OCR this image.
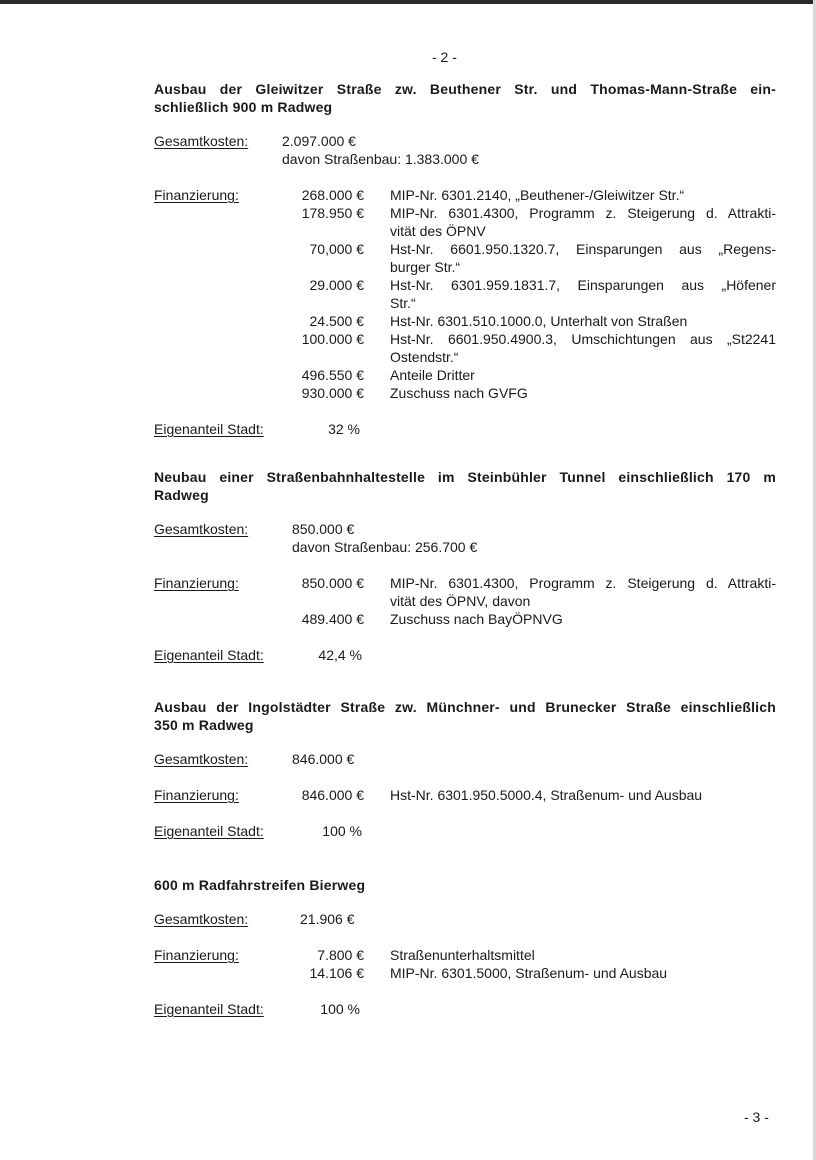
- 2 -

Ausbau der Gleiwitzer Straße zw. Beuthener Str. und Thomas-Mann-Straße ein-
schließlich 900 m Radweg

Gesamtkosten:	2.097.000 €
davon Straßenbau: 1.383.000 €
Finanzierung:	268.000 €	MIP-Nr. 6301.2140, „Beuthener-/Gleiwitzer Str.“
178.950 €	MIP-Nr. 6301.4300, Programm z. Steigerung d. Attrakti-
vität des ÖPNV
70,000 €	Hst-Nr. 6601.950.1320.7, Einsparungen aus „Regens-
burger Str.“
29.000 €	Hst-Nr. 6301.959.1831.7, Einsparungen aus „Höfener
Str.“
24.500 €	Hst-Nr. 6301.510.1000.0, Unterhalt von Straßen
100.000 €	Hst-Nr. 6601.950.4900.3, Umschichtungen aus „St2241
Ostendstr.“
496.550 €	Anteile Dritter
930.000 €	Zuschuss nach GVFG
Eigenanteil Stadt:	32 %

Neubau einer Straßenbahnhaltestelle im Steinbühler Tunnel einschließlich 170 m
Radweg

Gesamtkosten:	850.000 €
davon Straßenbau: 256.700 €
Finanzierung:	850.000 €	MIP-Nr. 6301.4300, Programm z. Steigerung d. Attrakti-
vität des ÖPNV, davon
489.400 €	Zuschuss nach BayÖPNVG
Eigenanteil Stadt:	42,4 %

Ausbau der Ingolstädter Straße zw. Münchner- und Brunecker Straße einschließlich
350 m Radweg

Gesamtkosten:	846.000 €
Finanzierung:	846.000 €	Hst-Nr. 6301.950.5000.4, Straßenum- und Ausbau
Eigenanteil Stadt:	100 %

600 m Radfahrstreifen Bierweg

Gesamtkosten:	21.906 €
Finanzierung:	7.800 €	Straßenunterhaltsmittel
14.106 €	MIP-Nr. 6301.5000, Straßenum- und Ausbau
Eigenanteil Stadt:	100 %
- 3 -
